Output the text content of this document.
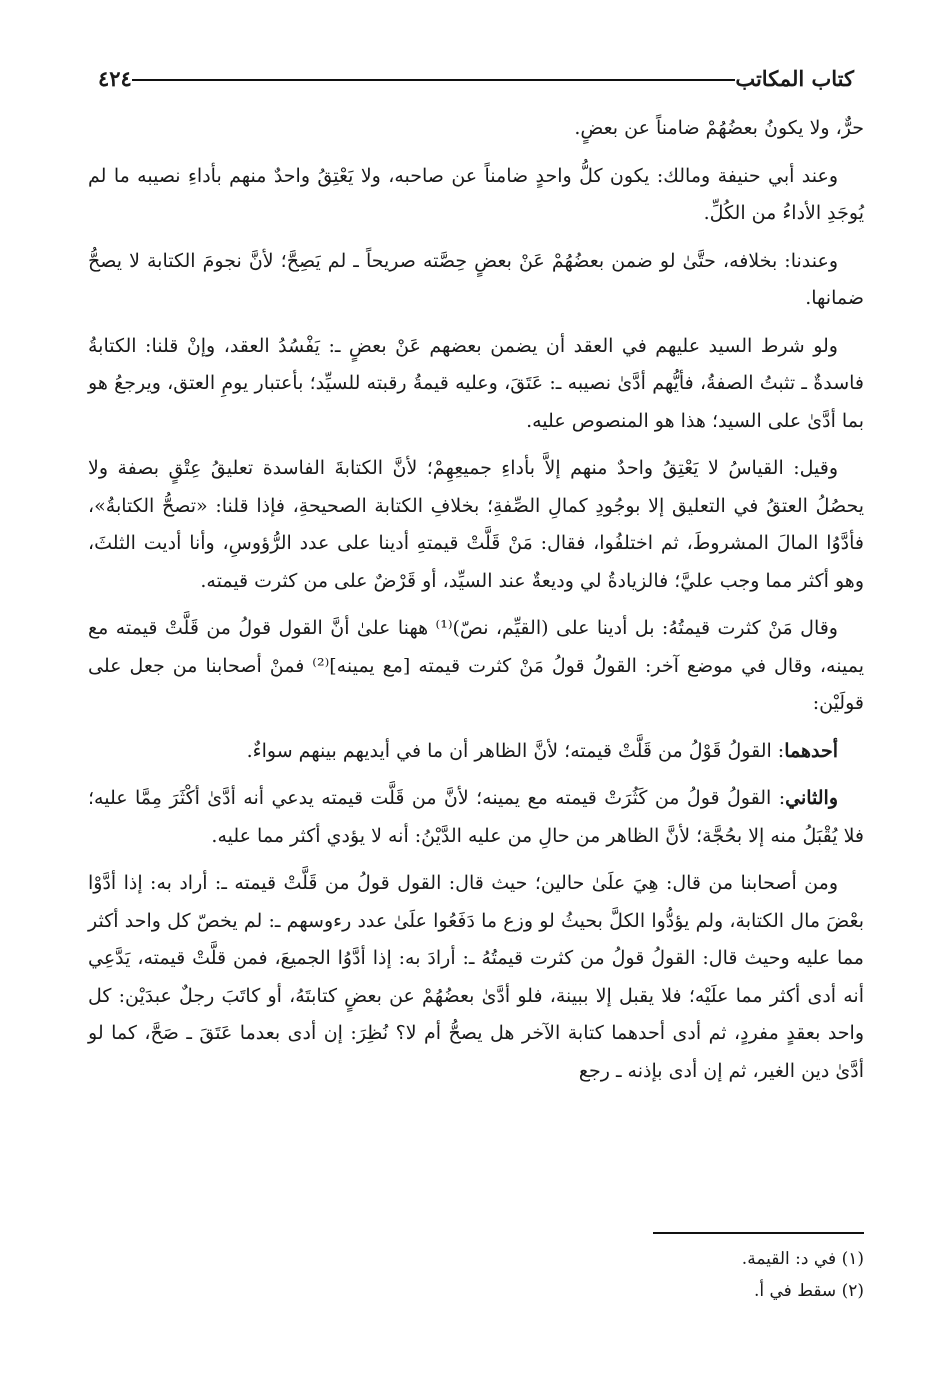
كتاب المكاتب
٤٢٤

حرٌّ، ولا يكونُ بعضُهُمْ ضامناً عن بعضٍ.

وعند أبي حنيفة ومالك: يكون كلُّ واحدٍ ضامناً عن صاحبه، ولا يَعْتِقُ واحدٌ منهم بأداءِ نصيبه ما لم يُوجَدِ الأداءُ من الكُلِّ.

وعندنا: بخلافه، حتَّىٰ لو ضمن بعضُهُمْ عَنْ بعضٍ حِصَّته صريحاً ـ لم يَصِحَّ؛ لأنَّ نجومَ الكتابة لا يصحُّ ضمانها.

ولو شرط السيد عليهم في العقد أن يضمن بعضهم عَنْ بعضٍ ـ: يَفْسُدُ العقد، وإنْ قلنا: الكتابةُ فاسدةٌ ـ تثبتُ الصفةُ، فأيُّهم أدَّىٰ نصيبه ـ: عَتَقَ، وعليه قيمةُ رقبته للسيِّد؛ بأعتبار يومِ العتق، ويرجعُ هو بما أدَّىٰ على السيد؛ هذا هو المنصوص عليه.

وقيل: القياسُ لا يَعْتِقُ واحدٌ منهم إلاَّ بأداءِ جميعِهِمْ؛ لأنَّ الكتابةَ الفاسدة تعليقُ عِتْقٍ بصفة ولا يحصُلُ العتقُ في التعليق إلا بوجُودِ كمالِ الصِّفةِ؛ بخلافِ الكتابة الصحيحةِ، فإذا قلنا: «تصحُّ الكتابةُ»، فأدَّوُا المالَ المشروطَ، ثم اختلفُوا، فقال: مَنْ قَلَّتْ قيمتهِ أدينا على عدد الرُّؤوسِ، وأنا أديت الثلثَ، وهو أكثر مما وجب عليَّ؛ فالزيادةُ لي وديعةٌ عند السيِّد، أو قَرْضٌ على من كثرت قيمته.

وقال مَنْ كثرت قيمتُهُ: بل أدينا على (القيِّم، نصّ)⁽¹⁾ ههنا علىٰ أنَّ القول قولُ من قَلَّتْ قيمته مع يمينه، وقال في موضع آخر: القولُ قولُ مَنْ كثرت قيمته [مع يمينه]⁽²⁾ فمنْ أصحابنا من جعل على قولَيْن:

أحدهما: القولُ قَوْلُ من قَلَّتْ قيمته؛ لأنَّ الظاهر أن ما في أيديهم بينهم سواءٌ.

والثاني: القولُ قولُ من كَثُرَتْ قيمته مع يمينه؛ لأنَّ من قَلَّت قيمته يدعي أنه أدَّىٰ أكْثَرَ مِمَّا عليه؛ فلا يُقْبَلُ منه إلا بحُجَّة؛ لأنَّ الظاهر من حالِ من عليه الدَّيْنُ: أنه لا يؤدي أكثر مما عليه.

ومن أصحابنا من قال: هِيَ علَىٰ حالين؛ حيث قال: القول قولُ من قَلَّتْ قيمته ـ: أراد به: إذا أدَّوْا بعْضَ مال الكتابة، ولم يؤدُّوا الكلَّ بحيثُ لو وزع ما دَفَعُوا علَىٰ عدد رءوسهم ـ: لم يخصّ كل واحد أكثر مما عليه وحيث قال: القولُ قولُ من كثرت قيمتُهُ ـ: أرادَ به: إذا أدَّوُا الجميعَ، فمن قلَّتْ قيمته، يَدَّعِي أنه أدى أكثر مما علَيْه؛ فلا يقبل إلا ببينة، فلو أدَّىٰ بعضُهُمْ عن بعضٍ كتابتَهُ، أو كاتَبَ رجلٌ عبدَيْن: كل واحد بعقدٍ مفردٍ، ثم أدى أحدهما كتابة الآخر هل يصحُّ أم لا؟ نُظِرَ: إن أدى بعدما عَتَقَ ـ صَحَّ، كما لو أدَّىٰ دين الغير، ثم إن أدى بإذنه ـ رجع

(١) في د: القيمة.

(٢) سقط في أ.
